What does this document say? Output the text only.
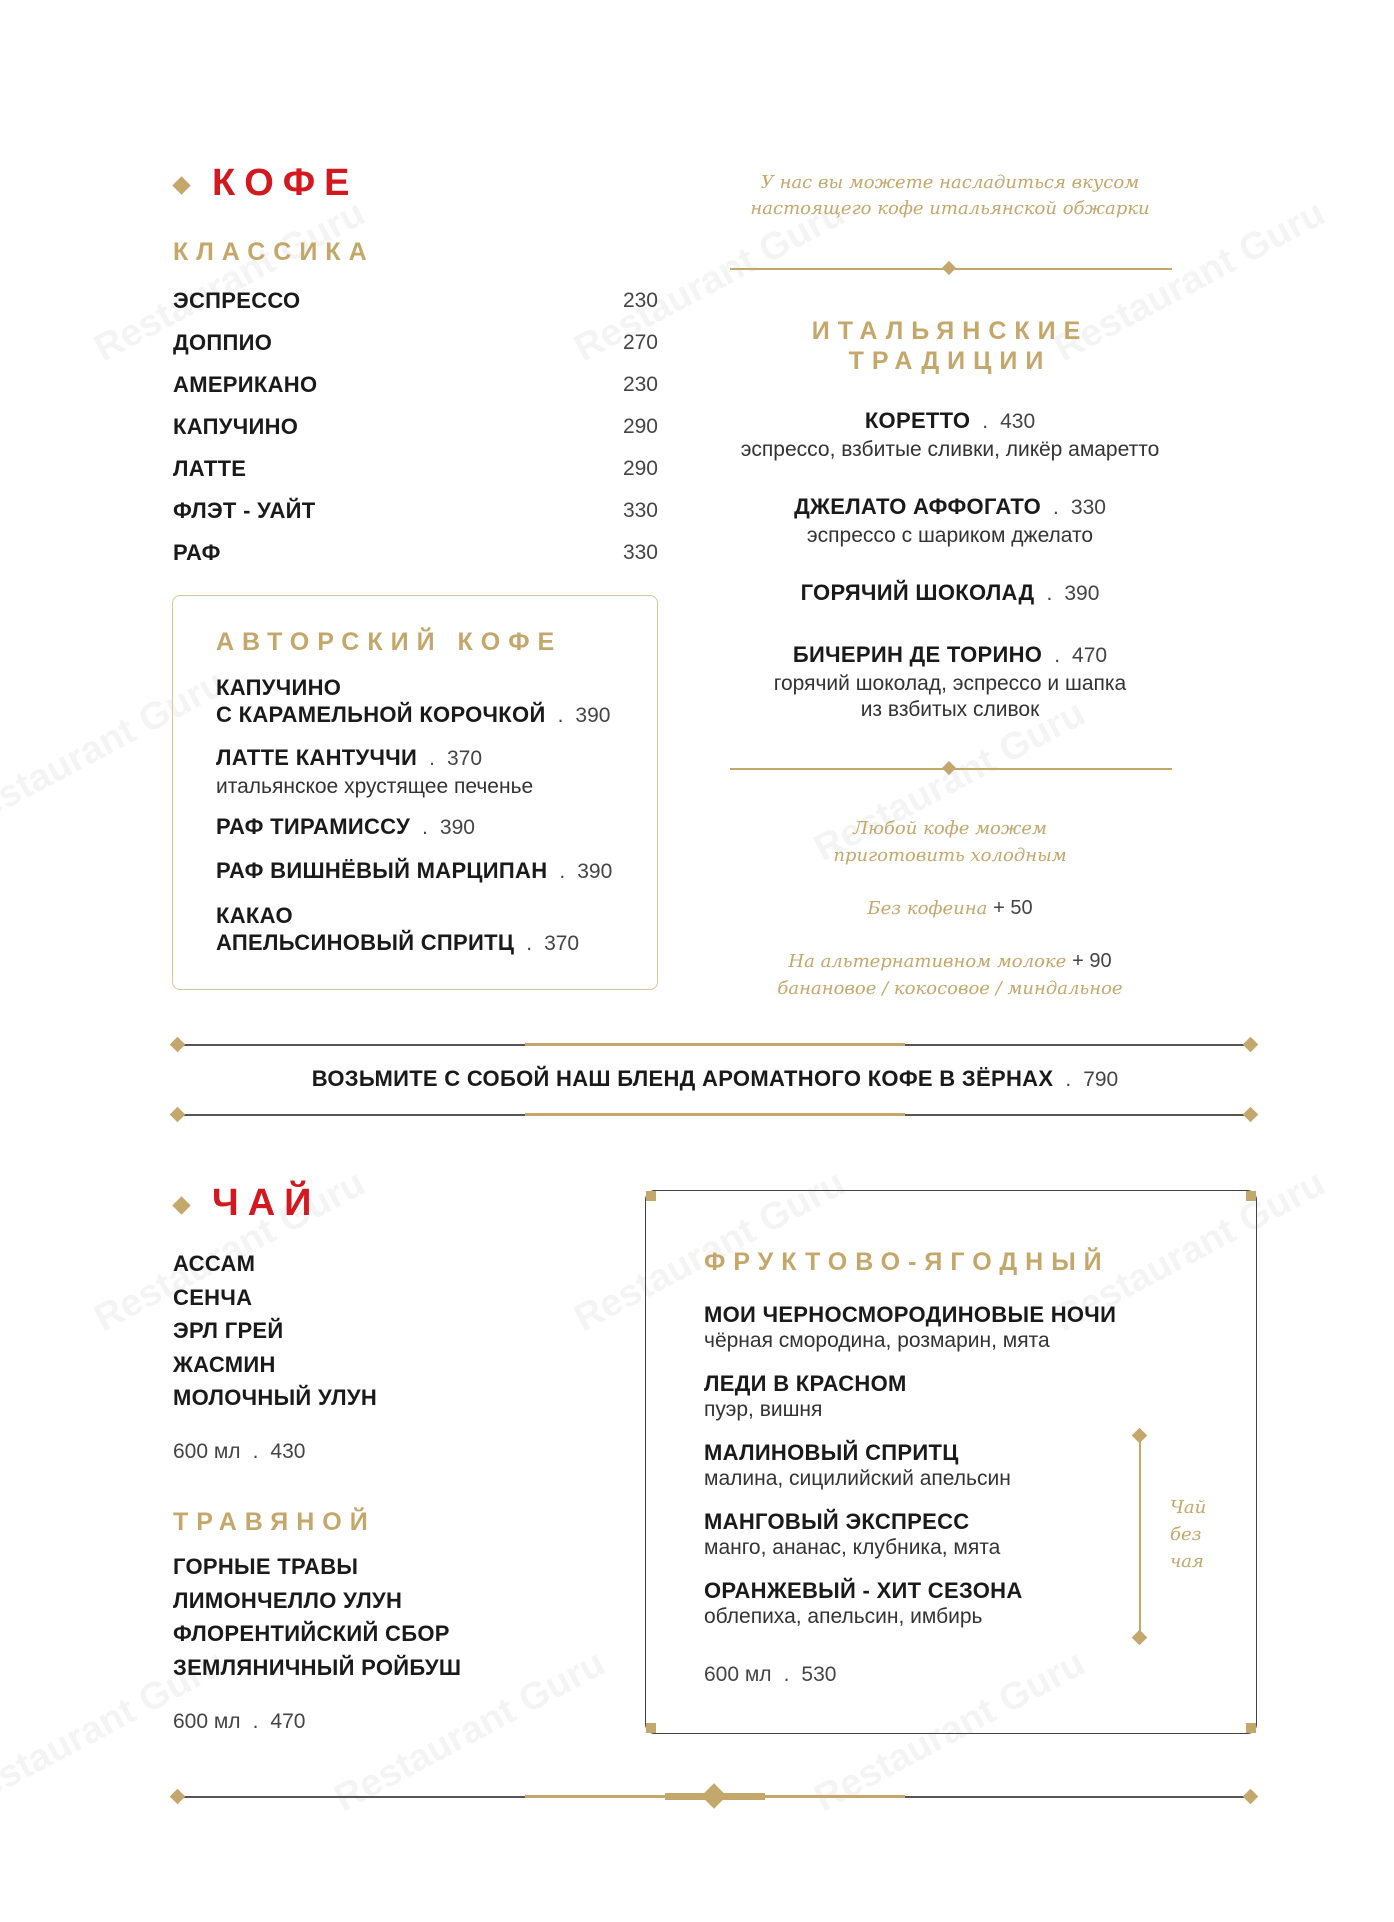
КОФЕ
КЛАССИКА
ЭСПРЕССО	230
ДОППИО	270
АМЕРИКАНО	230
КАПУЧИНО	290
ЛАТТЕ	290
ФЛЭТ - УАЙТ	330
РАФ	330
АВТОРСКИЙ КОФЕ
КАПУЧИНО
С КАРАМЕЛЬНОЙ КОРОЧКОЙ . 390
ЛАТТЕ КАНТУЧЧИ . 370
итальянское хрустящее печенье
РАФ ТИРАМИССУ . 390
РАФ ВИШНЁВЫЙ МАРЦИПАН . 390
КАКАО
АПЕЛЬСИНОВЫЙ СПРИТЦ . 370
У нас вы можете насладиться вкусом
настоящего кофе итальянской обжарки
ИТАЛЬЯНСКИЕ
ТРАДИЦИИ
КОРЕТТО . 430
эспрессо, взбитые сливки, ликёр амаретто
ДЖЕЛАТО АФФОГАТО . 330
эспрессо с шариком джелато
ГОРЯЧИЙ ШОКОЛАД . 390
БИЧЕРИН ДЕ ТОРИНО . 470
горячий шоколад, эспрессо и шапка
из взбитых сливок
Любой кофе можем
приготовить холодным
Без кофеина + 50
На альтернативном молоке + 90
банановое / кокосовое / миндальное
ВОЗЬМИТЕ С СОБОЙ НАШ БЛЕНД АРОМАТНОГО КОФЕ В ЗЁРНАХ . 790
ЧАЙ
АССАМ
СЕНЧА
ЭРЛ ГРЕЙ
ЖАСМИН
МОЛОЧНЫЙ УЛУН
600 мл . 430
ТРАВЯНОЙ
ГОРНЫЕ ТРАВЫ
ЛИМОНЧЕЛЛО УЛУН
ФЛОРЕНТИЙСКИЙ СБОР
ЗЕМЛЯНИЧНЫЙ РОЙБУШ
600 мл . 470
ФРУКТОВО-ЯГОДНЫЙ
МОИ ЧЕРНОСМОРОДИНОВЫЕ НОЧИ
чёрная смородина, розмарин, мята
ЛЕДИ В КРАСНОМ
пуэр, вишня
МАЛИНОВЫЙ СПРИТЦ
малина, сицилийский апельсин
МАНГОВЫЙ ЭКСПРЕСС
манго, ананас, клубника, мята
ОРАНЖЕВЫЙ - ХИТ СЕЗОНА
облепиха, апельсин, имбирь
600 мл . 530
Чай
без
чая
